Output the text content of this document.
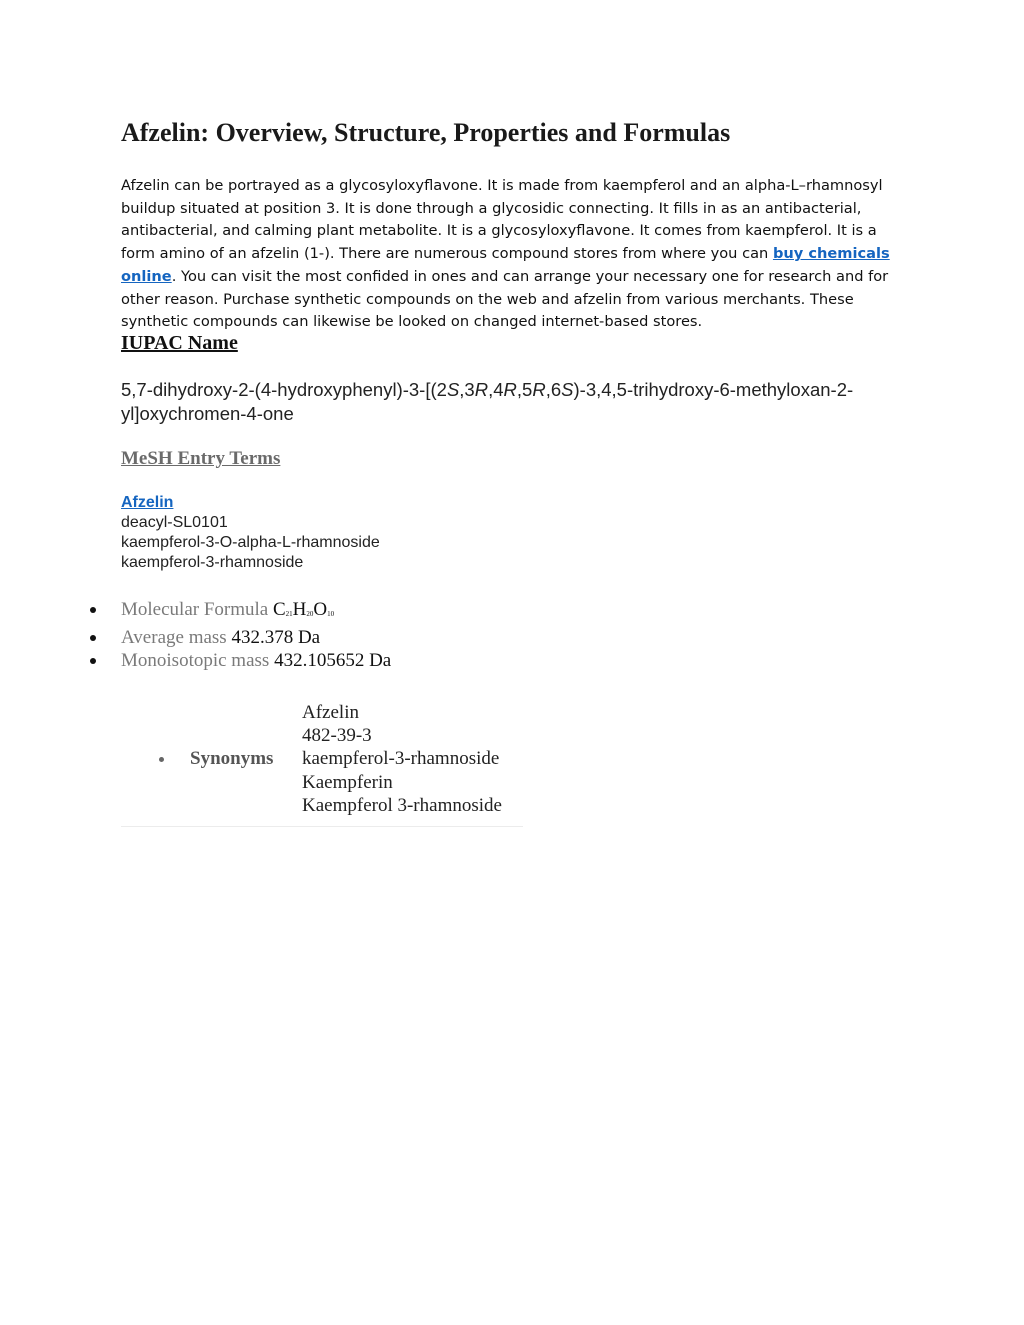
Afzelin: Overview, Structure, Properties and Formulas

Afzelin can be portrayed as a glycosyloxyflavone. It is made from kaempferol and an alpha-L–rhamnosyl buildup situated at position 3. It is done through a glycosidic connecting. It fills in as an antibacterial, antibacterial, and calming plant metabolite. It is a glycosyloxyflavone. It comes from kaempferol. It is a form amino of an afzelin (1-). There are numerous compound stores from where you can buy chemicals online. You can visit the most confided in ones and can arrange your necessary one for research and for other reason. Purchase synthetic compounds on the web and afzelin from various merchants. These synthetic compounds can likewise be looked on changed internet-based stores.

IUPAC Name

5,7-dihydroxy-2-(4-hydroxyphenyl)-3-[(2S,3R,4R,5R,6S)-3,4,5-trihydroxy-6-methyloxan-2-yl]oxychromen-4-one

MeSH Entry Terms
Afzelin
deacyl-SL0101
kaempferol-3-O-alpha-L-rhamnoside
kaempferol-3-rhamnoside
Molecular Formula $C_{21}H_{20}O_{10}$
Average mass 432.378 Da
Monoisotopic mass 432.105652 Da
Synonyms
Afzelin
482-39-3
kaempferol-3-rhamnoside
Kaempferin
Kaempferol 3-rhamnoside
